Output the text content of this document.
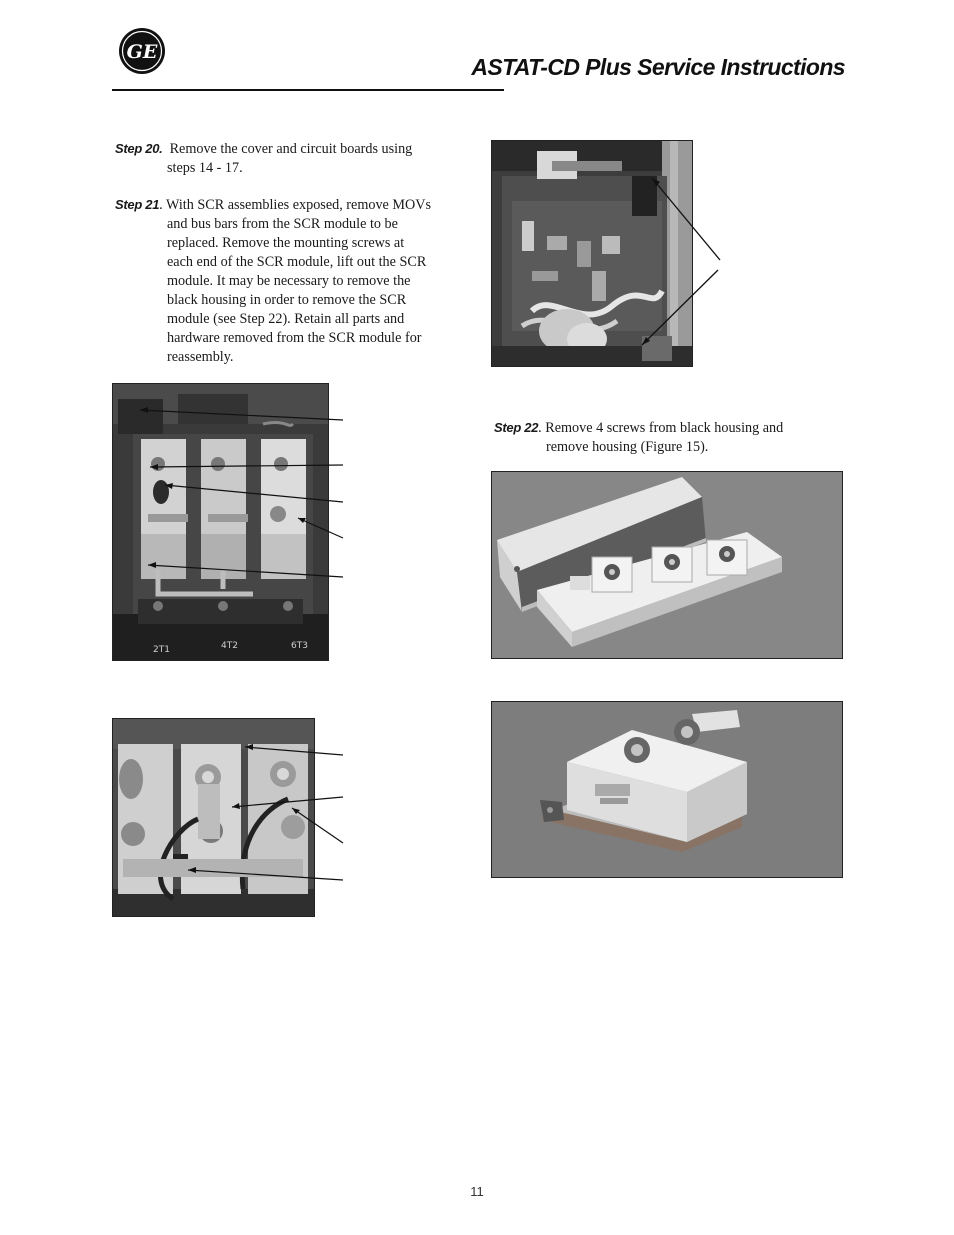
GE
ASTAT-CD Plus Service Instructions
Step 20. Remove the cover and circuit boards using
steps 14 - 17.
Step 21. With SCR assemblies exposed, remove MOVs
and bus bars from the SCR module to be
replaced. Remove the mounting screws at
each end of the SCR module, lift out the SCR
module. It may be necessary to remove the
black housing in order to remove the SCR
module (see Step 22). Retain all parts and
hardware removed from the SCR module for
reassembly.
Step 22. Remove 4 screws from black housing and
remove housing (Figure 15).
2T1	4T2	6T3
11
